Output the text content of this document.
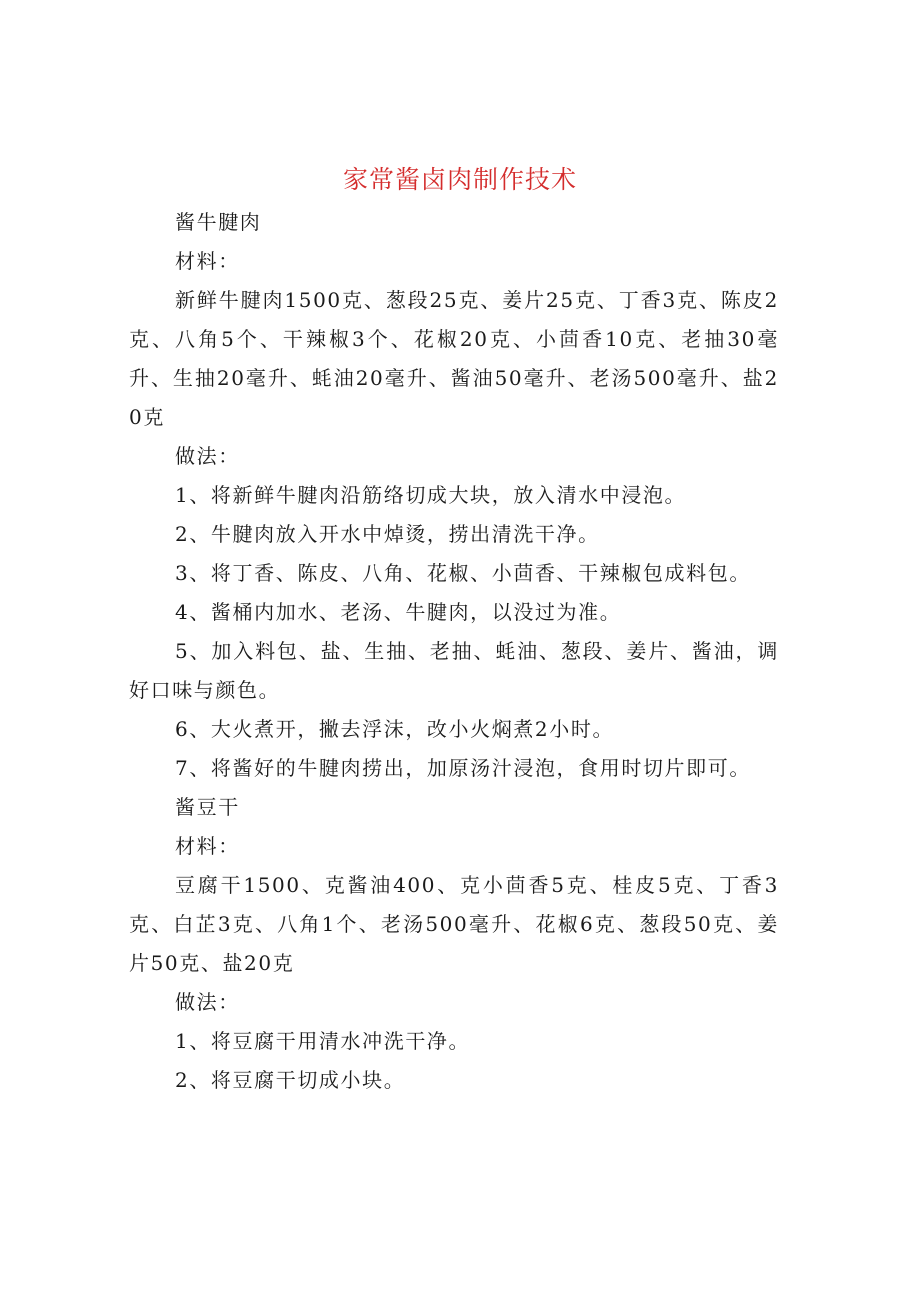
家常酱卤肉制作技术

酱牛腱肉

材料：

新鲜牛腱肉1500克、葱段25克、姜片25克、丁香3克、陈皮2克、八角5个、干辣椒3个、花椒20克、小茴香10克、老抽30毫升、生抽20毫升、蚝油20毫升、酱油50毫升、老汤500毫升、盐20克

做法：

1、将新鲜牛腱肉沿筋络切成大块，放入清水中浸泡。

2、牛腱肉放入开水中焯烫，捞出清洗干净。

3、将丁香、陈皮、八角、花椒、小茴香、干辣椒包成料包。

4、酱桶内加水、老汤、牛腱肉，以没过为准。

5、加入料包、盐、生抽、老抽、蚝油、葱段、姜片、酱油，调好口味与颜色。

6、大火煮开，撇去浮沫，改小火焖煮2小时。

7、将酱好的牛腱肉捞出，加原汤汁浸泡，食用时切片即可。

酱豆干

材料：

豆腐干1500、克酱油400、克小茴香5克、桂皮5克、丁香3克、白芷3克、八角1个、老汤500毫升、花椒6克、葱段50克、姜片50克、盐20克

做法：

1、将豆腐干用清水冲洗干净。

2、将豆腐干切成小块。
